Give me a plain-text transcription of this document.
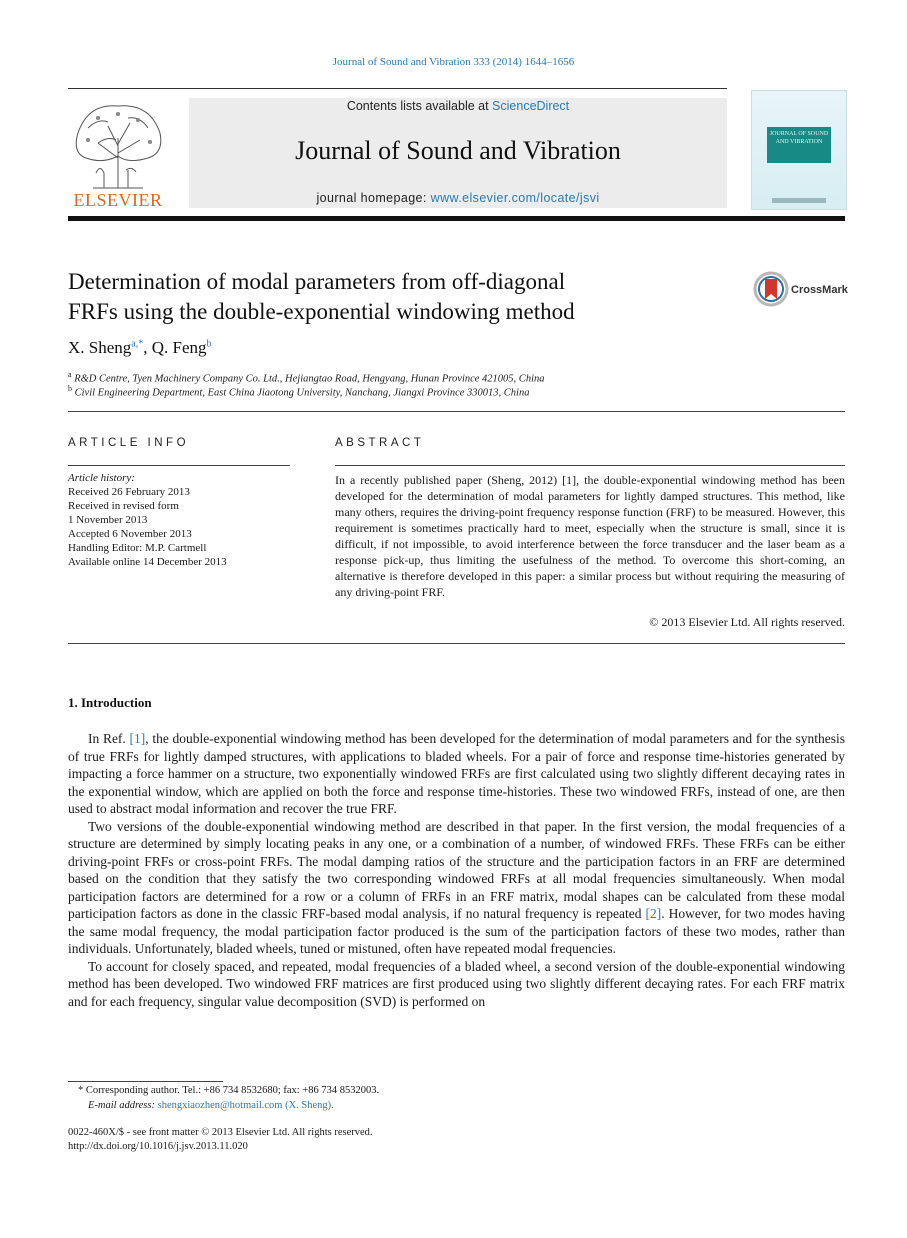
Journal of Sound and Vibration 333 (2014) 1644–1656
ELSEVIER
Contents lists available at ScienceDirect
Journal of Sound and Vibration
journal homepage: www.elsevier.com/locate/jsvi
JOURNAL OF SOUND AND VIBRATION
Determination of modal parameters from off-diagonal
FRFs using the double-exponential windowing method
CrossMark
X. Sheng$^{a,*}$, Q. Feng$^b$
$^a$ R&D Centre, Tyen Machinery Company Co. Ltd., Hejiangtao Road, Hengyang, Hunan Province 421005, China
$^b$ Civil Engineering Department, East China Jiaotong University, Nanchang, Jiangxi Province 330013, China
ARTICLE INFO
Article history:
Received 26 February 2013
Received in revised form
1 November 2013
Accepted 6 November 2013
Handling Editor: M.P. Cartmell
Available online 14 December 2013
ABSTRACT
In a recently published paper (Sheng, 2012) [1], the double-exponential windowing method has been developed for the determination of modal parameters for lightly damped structures. This method, like many others, requires the driving-point frequency response function (FRF) to be measured. However, this requirement is sometimes practically hard to meet, especially when the structure is small, since it is difficult, if not impossible, to avoid interference between the force transducer and the laser beam as a response pick-up, thus limiting the usefulness of the method. To overcome this short-coming, an alternative is therefore developed in this paper: a similar process but without requiring the measuring of any driving-point FRF.
© 2013 Elsevier Ltd. All rights reserved.
1. Introduction

In Ref. [1], the double-exponential windowing method has been developed for the determination of modal parameters and for the synthesis of true FRFs for lightly damped structures, with applications to bladed wheels. For a pair of force and response time-histories generated by impacting a force hammer on a structure, two exponentially windowed FRFs are first calculated using two slightly different decaying rates in the exponential window, which are applied on both the force and response time-histories. These two windowed FRFs, instead of one, are then used to abstract modal information and recover the true FRF.

Two versions of the double-exponential windowing method are described in that paper. In the first version, the modal frequencies of a structure are determined by simply locating peaks in any one, or a combination of a number, of windowed FRFs. These FRFs can be either driving-point FRFs or cross-point FRFs. The modal damping ratios of the structure and the participation factors in an FRF are determined based on the condition that they satisfy the two corresponding windowed FRFs at all modal frequencies simultaneously. When modal participation factors are determined for a row or a column of FRFs in an FRF matrix, modal shapes can be calculated from these modal participation factors as done in the classic FRF-based modal analysis, if no natural frequency is repeated [2]. However, for two modes having the same modal frequency, the modal participation factor produced is the sum of the participation factors of these two modes, rather than individuals. Unfortunately, bladed wheels, tuned or mistuned, often have repeated modal frequencies.

To account for closely spaced, and repeated, modal frequencies of a bladed wheel, a second version of the double-exponential windowing method has been developed. Two windowed FRF matrices are first produced using two slightly different decaying rates. For each FRF matrix and for each frequency, singular value decomposition (SVD) is performed on

* Corresponding author. Tel.: +86 734 8532680; fax: +86 734 8532003.
E-mail address: shengxiaozhen@hotmail.com (X. Sheng).
0022-460X/$ - see front matter © 2013 Elsevier Ltd. All rights reserved.
http://dx.doi.org/10.1016/j.jsv.2013.11.020
